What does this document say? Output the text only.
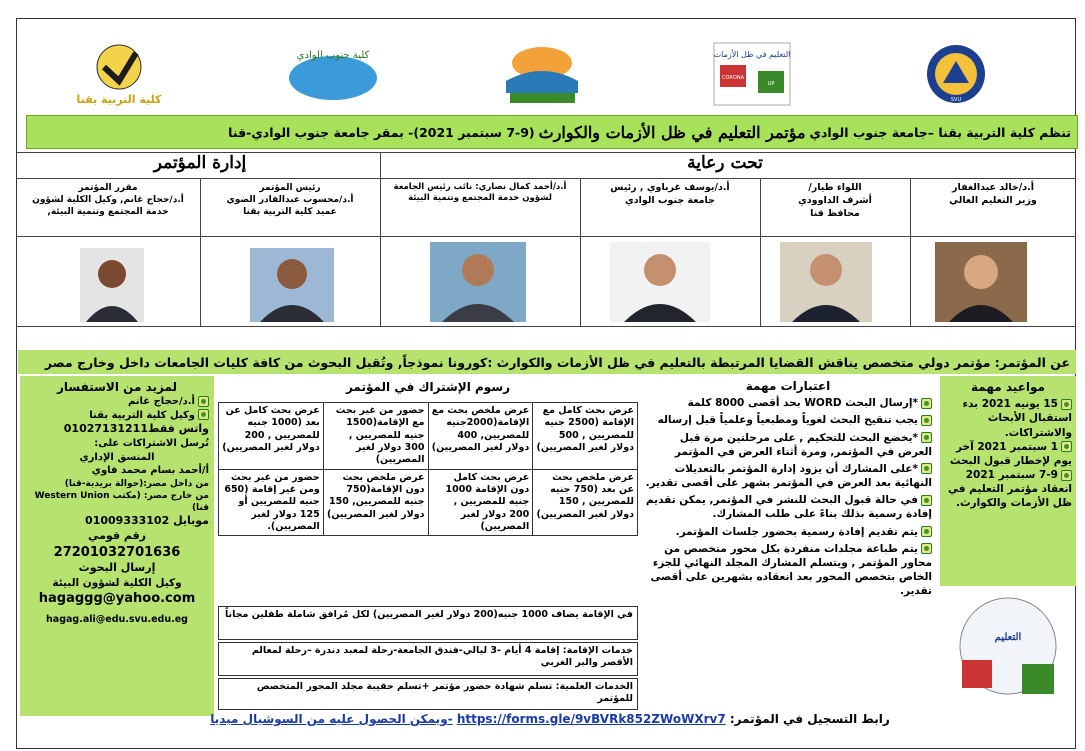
SVU
التعليم في ظل الأزمات
CORONA
UP
كلية جنوب الوادي
كلية التربية بقنا
تنظم كلية التربية بقنا –جامعة جنوب الوادي
مؤتمر التعليم في ظل الأزمات والكوارث
(7-9 سبتمبر 2021)- بمقر جامعة جنوب الوادي-قنا
تحت رعاية
إدارة المؤتمر
أ.د/خالد عبدالغفار
وزير التعليم العالي
اللواء طيار/
أشرف الداوودي
محافظ قنا
أ.د/يوسف غرباوي , رئيس
جامعة جنوب الوادي
أ.د/أحمد كمال نصاري: نائب رئيس الجامعة لشؤون خدمة المجتمع وتنمية البيئة
رئيس المؤتمر
أ.د/محسوب عبدالقادر الضوي
عميد كلية التربية بقنا
مقرر المؤتمر
أ.د/حجاج غانم, وكيل الكلية لشؤون خدمة المجتمع وتنمية البيئة,
عن المؤتمر: مؤتمر دولي متخصص يناقش القضايا المرتبطة بالتعليم في ظل الأزمات والكوارث :كورونا نموذجاً, وتُقبل البحوث من كافة كليات الجامعات داخل وخارج مصر
مواعيد مهمة
15 يونيه 2021 بدء استقبال الأبحاث والاشتراكات.
1 سبتمبر 2021 آخر يوم لإخطار قبول البحث
7-9 سبتمبر 2021 انعقاد مؤتمر التعليم في ظل الأزمات والكوارث.
التعليم
اعتبارات مهمة
*إرسال البحث WORD بحد أقصى 8000 كلمة
يجب تنقيح البحث لغوياً ومطبعياً وعلمياً قبل إرساله
*يخضع البحث للتحكيم , على مرحلتين مرة قبل العرض في المؤتمر, ومرة أثناء العرض في المؤتمر
*على المشارك أن يزود إدارة المؤتمر بالتعديلات النهائية بعد العرض في المؤتمر بشهر على أقصى تقدير.
في حالة قبول البحث للنشر في المؤتمر, يمكن تقديم إفادة رسمية بذلك بناءً على طلب المشارك.
يتم تقديم إفادة رسمية بحضور جلسات المؤتمر.
يتم طباعة مجلدات منفردة بكل محور متخصص من محاور المؤتمر , ويتسلم المشارك المجلد النهائي للجزء الخاص بتخصص المحور بعد انعقاده بشهرين على أقصى تقدير.
رسوم الإشتراك في المؤتمر
عرض بحث كامل مع الإقامة (2500 جنيه للمصريين , 500 دولار لغير المصريين)	عرض ملخص بحث مع الإقامة(2000جنيه للمصريين, 400 دولار لغير المصريين)	حضور من غير بحث مع الإقامة(1500 جنيه للمصريين , 300 دولار لغير المصريين)	عرض بحث كامل عن بعد (1000 جنيه للمصريين , 200 دولار لغير المصريين)
عرض ملخص بحث عن بعد (750 جنيه للمصريين , 150 دولار لغير المصريين)	عرض بحث كامل دون الإقامة 1000 جنيه للمصريين , 200 دولار لغير المصريين)	عرض ملخص بحث دون الإقامة(750 جنيه للمصريين, 150 دولار لغير المصريين)	حضور من غير بحث ومن غير إقامة (650 جنيه للمصريين أو 125 دولار لغير المصريين).
في الإقامة يضاف 1000 جنيه(200 دولار لغير المصريين) لكل مُرافق شاملة طفلين مجاناً
خدمات الإقامة: إقامة 4 أيام -3 ليالي-فندق الجامعة-رحلة لمعبد دندرة –رحلة لمعالم الأقصر والبر الغربي
الخدمات العلمية: تسلم شهادة حضور مؤتمر +تسلم حقيبة مجلد المحور المتخصص للمؤتمر
لمزيد من الاستفسار
أ.د/حجاج غانم
وكيل كلية التربية بقنا
واتس فقط01027131211
تُرسل الاشتراكات على:
المنسق الإداري
أ/أحمد بسام محمد فاوي
من داخل مصر:(حوالة بريدية-قنا)
من خارج مصر: (مكتب Western Union قنا)
موبايل 01009333102
رقم قومي
27201032701636
إرسال البحوث
وكيل الكلية لشؤون البيئة
hagaggg@yahoo.com
hagag.ali@edu.svu.edu.eg
رابط التسجيل في المؤتمر: https://forms.gle/9vBVRk852ZWoWXrv7 -ويمكن الحصول عليه من السوشيال ميديا
